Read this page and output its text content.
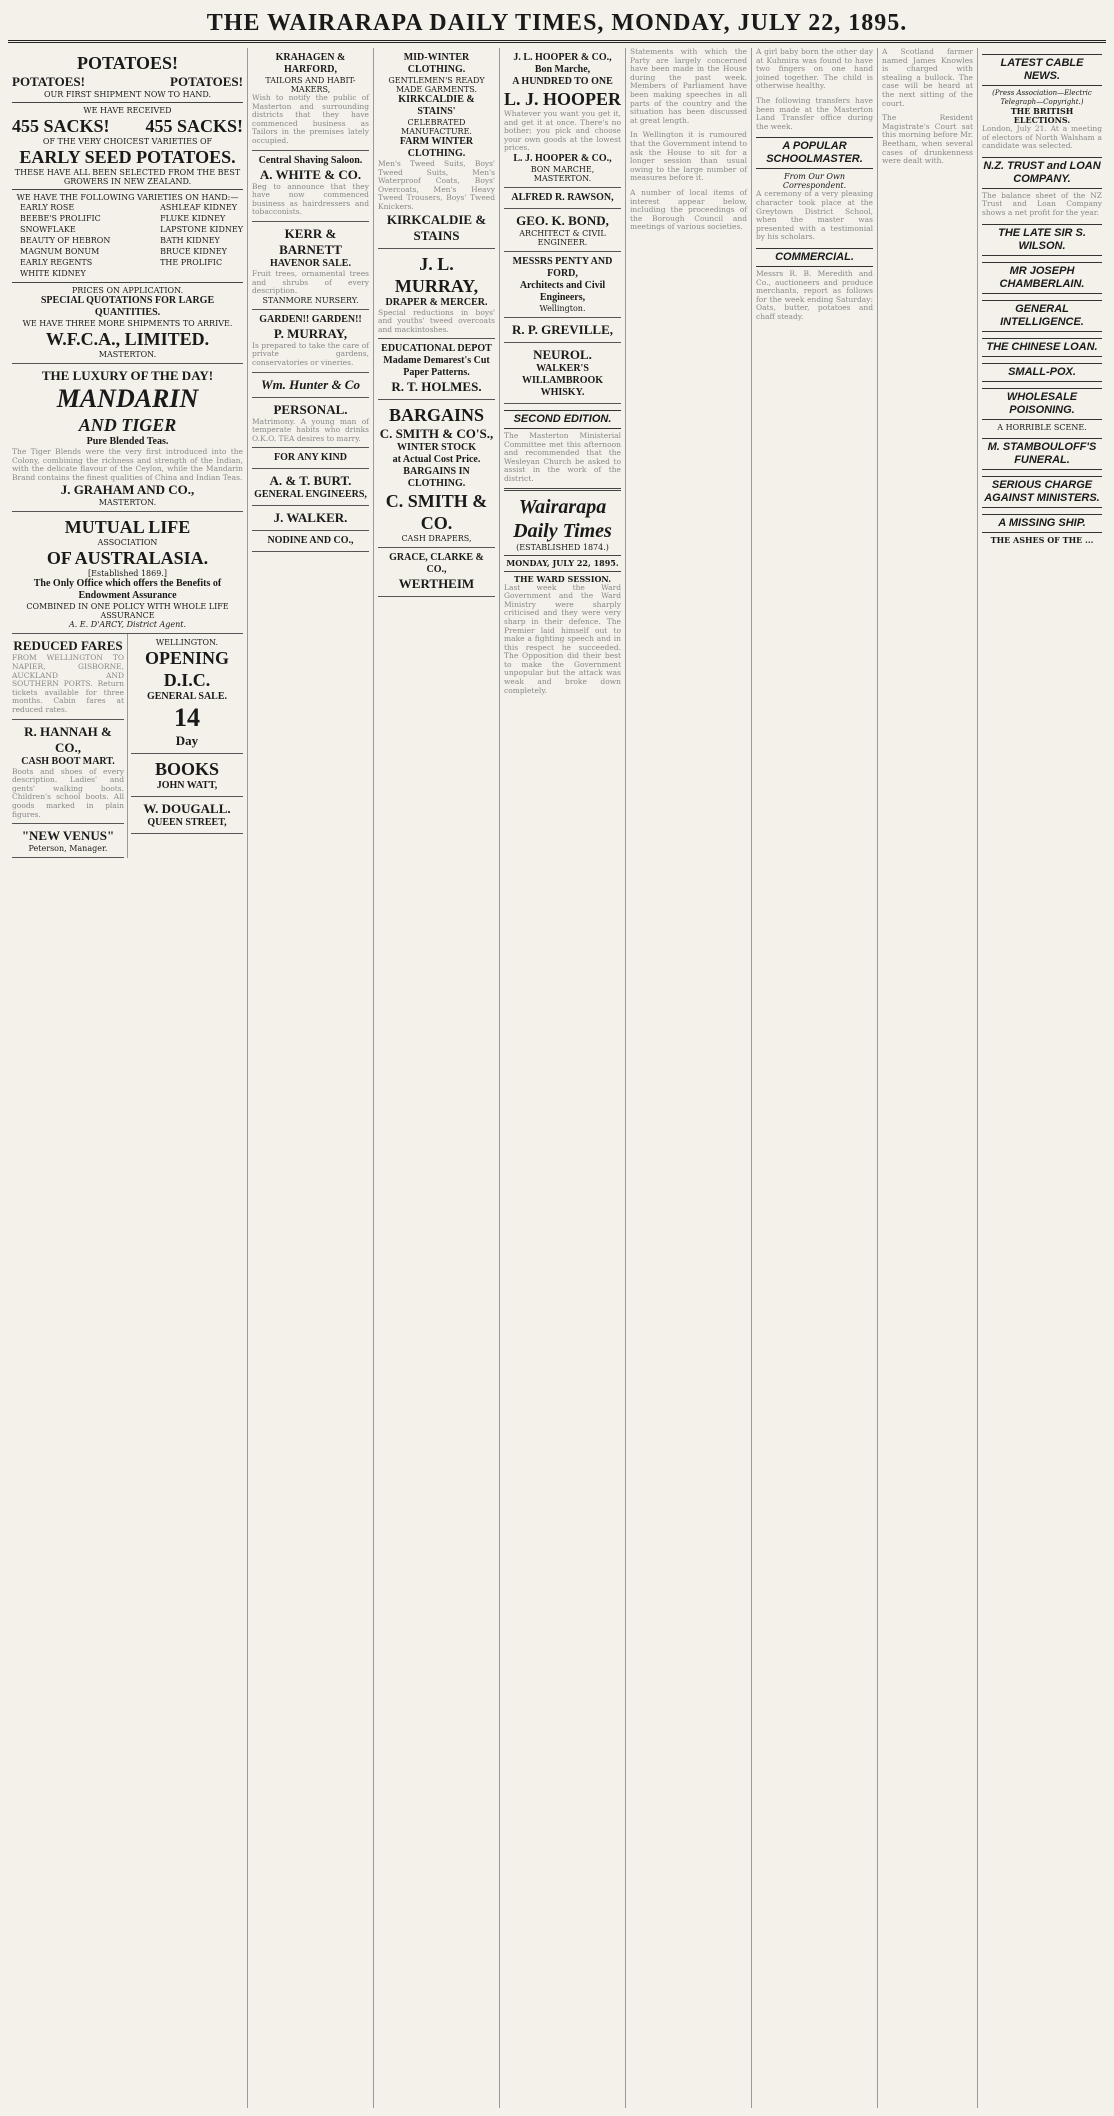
THE WAIRARAPA DAILY TIMES, MONDAY, JULY 22, 1895.
POTATOES!
POTATOES!	POTATOES!
OUR FIRST SHIPMENT NOW TO HAND.
WE HAVE RECEIVED
455 SACKS! 455 SACKS!
OF THE VERY CHOICEST VARIETIES OF
EARLY SEED POTATOES.
THESE HAVE ALL BEEN SELECTED FROM THE BEST GROWERS IN NEW ZEALAND.
WE HAVE THE FOLLOWING VARIETIES ON HAND:—
EARLY ROSE
BEEBE'S PROLIFIC
SNOWFLAKE
BEAUTY OF HEBRON
MAGNUM BONUM
EARLY REGENTS
WHITE KIDNEY
ASHLEAF KIDNEY
FLUKE KIDNEY
LAPSTONE KIDNEY
BATH KIDNEY
BRUCE KIDNEY
THE PROLIFIC
PRICES ON APPLICATION.
SPECIAL QUOTATIONS FOR LARGE QUANTITIES.
WE HAVE THREE MORE SHIPMENTS TO ARRIVE.
W.F.C.A., LIMITED.
MASTERTON.
THE LUXURY OF THE DAY!
MANDARIN
AND TIGER
Pure Blended Teas.
The Tiger Blends were the very first introduced into the Colony, combining the richness and strength of the Indian, with the delicate flavour of the Ceylon, while the Mandarin Brand contains the finest qualities of China and Indian Teas.
J. GRAHAM AND CO.,
MASTERTON.
MUTUAL LIFE
ASSOCIATION
OF AUSTRALASIA.
[Established 1869.]
The Only Office which offers the Benefits of Endowment Assurance
COMBINED IN ONE POLICY WITH WHOLE LIFE ASSURANCE
A. E. D'ARCY, District Agent.
REDUCED FARES
FROM WELLINGTON TO NAPIER, GISBORNE, AUCKLAND AND SOUTHERN PORTS. Return tickets available for three months. Cabin fares at reduced rates.
R. HANNAH & CO.,
CASH BOOT MART.
Boots and shoes of every description. Ladies' and gents' walking boots. Children's school boots. All goods marked in plain figures.
"NEW VENUS"
Peterson, Manager.
WELLINGTON.
OPENING
D.I.C.
GENERAL SALE.
14
Day
BOOKS
JOHN WATT,
W. DOUGALL.
QUEEN STREET,
KRAHAGEN & HARFORD,
TAILORS AND HABIT-MAKERS,
Wish to notify the public of Masterton and surrounding districts that they have commenced business as Tailors in the premises lately occupied.
Central Shaving Saloon.
A. WHITE & CO.
Beg to announce that they have now commenced business as hairdressers and tobacconists.
KERR & BARNETT
HAVENOR SALE.
Fruit trees, ornamental trees and shrubs of every description.
STANMORE NURSERY.
GARDEN!! GARDEN!!
P. MURRAY,
Is prepared to take the care of private gardens, conservatories or vineries.
Wm. Hunter & Co
PERSONAL.
Matrimony. A young man of temperate habits who drinks O.K.O. TEA desires to marry.
FOR ANY KIND
A. & T. BURT.
GENERAL ENGINEERS,
J. WALKER.
NODINE AND CO.,
MID-WINTER CLOTHING.
GENTLEMEN'S READY MADE GARMENTS.
KIRKCALDIE & STAINS'
CELEBRATED MANUFACTURE.
FARM WINTER CLOTHING.
Men's Tweed Suits, Boys' Tweed Suits, Men's Waterproof Coats, Boys' Overcoats, Men's Heavy Tweed Trousers, Boys' Tweed Knickers.
KIRKCALDIE & STAINS
J. L. MURRAY,
DRAPER & MERCER.
Special reductions in boys' and youths' tweed overcoats and mackintoshes.
EDUCATIONAL DEPOT
Madame Demarest's Cut Paper Patterns.
R. T. HOLMES.
BARGAINS
C. SMITH & CO'S.,
WINTER STOCK
at Actual Cost Price.
BARGAINS IN CLOTHING.
C. SMITH & CO.
CASH DRAPERS,
GRACE, CLARKE & CO.,
WERTHEIM
J. L. HOOPER & CO., Bon Marche,
A HUNDRED TO ONE
L. J. HOOPER
Whatever you want you get it, and get it at once. There's no bother; you pick and choose your own goods at the lowest prices.
L. J. HOOPER & CO.,
BON MARCHE, MASTERTON.
ALFRED R. RAWSON,
GEO. K. BOND,
ARCHITECT & CIVIL ENGINEER.
MESSRS PENTY AND FORD,
Architects and Civil Engineers,
Wellington.
R. P. GREVILLE,
NEUROL.
WALKER'S WILLAMBROOK WHISKY.
SECOND EDITION.
The Masterton Ministerial Committee met this afternoon and recommended that the Wesleyan Church be asked to assist in the work of the district.
Wairarapa Daily Times
(ESTABLISHED 1874.)
MONDAY, JULY 22, 1895.
THE WARD SESSION.
Last week the Ward Government and the Ward Ministry were sharply criticised and they were very sharp in their defence. The Premier laid himself out to make a fighting speech and in this respect he succeeded. The Opposition did their best to make the Government unpopular but the attack was weak and broke down completely.
Statements with which the Party are largely concerned have been made in the House during the past week. Members of Parliament have been making speeches in all parts of the country and the situation has been discussed at great length.
In Wellington it is rumoured that the Government intend to ask the House to sit for a longer session than usual owing to the large number of measures before it.
A number of local items of interest appear below, including the proceedings of the Borough Council and meetings of various societies.
A girl baby born the other day at Kuhmira was found to have two fingers on one hand joined together. The child is otherwise healthy.
The following transfers have been made at the Masterton Land Transfer office during the week.
A POPULAR SCHOOLMASTER.
From Our Own Correspondent.
A ceremony of a very pleasing character took place at the Greytown District School, when the master was presented with a testimonial by his scholars.
COMMERCIAL.
Messrs R. B. Meredith and Co., auctioneers and produce merchants, report as follows for the week ending Saturday: Oats, butter, potatoes and chaff steady.
A Scotland farmer named James Knowles is charged with stealing a bullock. The case will be heard at the next sitting of the court.
The Resident Magistrate's Court sat this morning before Mr. Beetham, when several cases of drunkenness were dealt with.
LATEST CABLE NEWS.
(Press Association—Electric Telegraph—Copyright.)
THE BRITISH ELECTIONS.
London, July 21. At a meeting of electors of North Walsham a candidate was selected.
N.Z. TRUST and LOAN COMPANY.
The balance sheet of the NZ Trust and Loan Company shows a net profit for the year.
THE LATE SIR S. WILSON.
MR JOSEPH CHAMBERLAIN.
GENERAL INTELLIGENCE.
THE CHINESE LOAN.
SMALL-POX.
WHOLESALE POISONING.
A HORRIBLE SCENE.
M. STAMBOULOFF'S FUNERAL.
SERIOUS CHARGE AGAINST MINISTERS.
A MISSING SHIP.
THE ASHES OF THE ...
